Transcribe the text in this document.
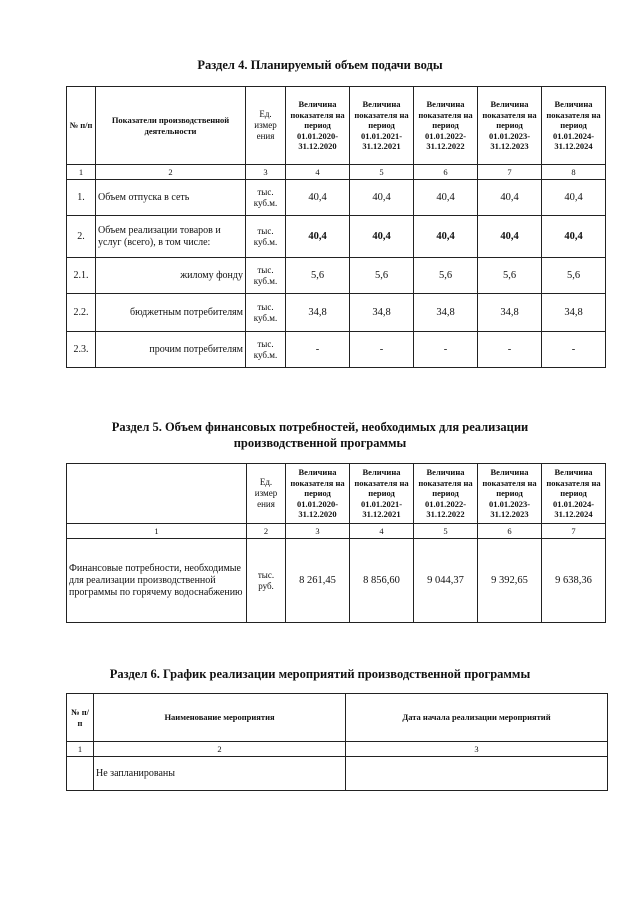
Раздел 4. Планируемый объем подачи воды
№ п/п	Показатели производственной деятельности	Ед. измер ения	Величина показателя на период 01.01.2020-31.12.2020	Величина показателя на период 01.01.2021-31.12.2021	Величина показателя на период 01.01.2022-31.12.2022	Величина показателя на период 01.01.2023-31.12.2023	Величина показателя на период 01.01.2024-31.12.2024
1	2	3	4	5	6	7	8
1.	Объем отпуска в сеть	тыс. куб.м.	40,4	40,4	40,4	40,4	40,4
2.	Объем реализации товаров и услуг (всего), в том числе:	тыс. куб.м.	40,4	40,4	40,4	40,4	40,4
2.1.	жилому фонду	тыс. куб.м.	5,6	5,6	5,6	5,6	5,6
2.2.	бюджетным потребителям	тыс. куб.м.	34,8	34,8	34,8	34,8	34,8
2.3.	прочим потребителям	тыс. куб.м.	-	-	-	-	-
Раздел 5. Объем финансовых потребностей, необходимых для реализации
производственной программы
	Ед. измер ения	Величина показателя на период 01.01.2020-31.12.2020	Величина показателя на период 01.01.2021-31.12.2021	Величина показателя на период 01.01.2022-31.12.2022	Величина показателя на период 01.01.2023-31.12.2023	Величина показателя на период 01.01.2024-31.12.2024
1	2	3	4	5	6	7
Финансовые потребности, необходимые для реализации производственной программы по горячему водоснабжению	тыс. руб.	8 261,45	8 856,60	9 044,37	9 392,65	9 638,36
Раздел 6. График реализации мероприятий производственной программы
№ п/п	Наименование мероприятия	Дата начала реализации мероприятий
1	2	3
	Не запланированы	
